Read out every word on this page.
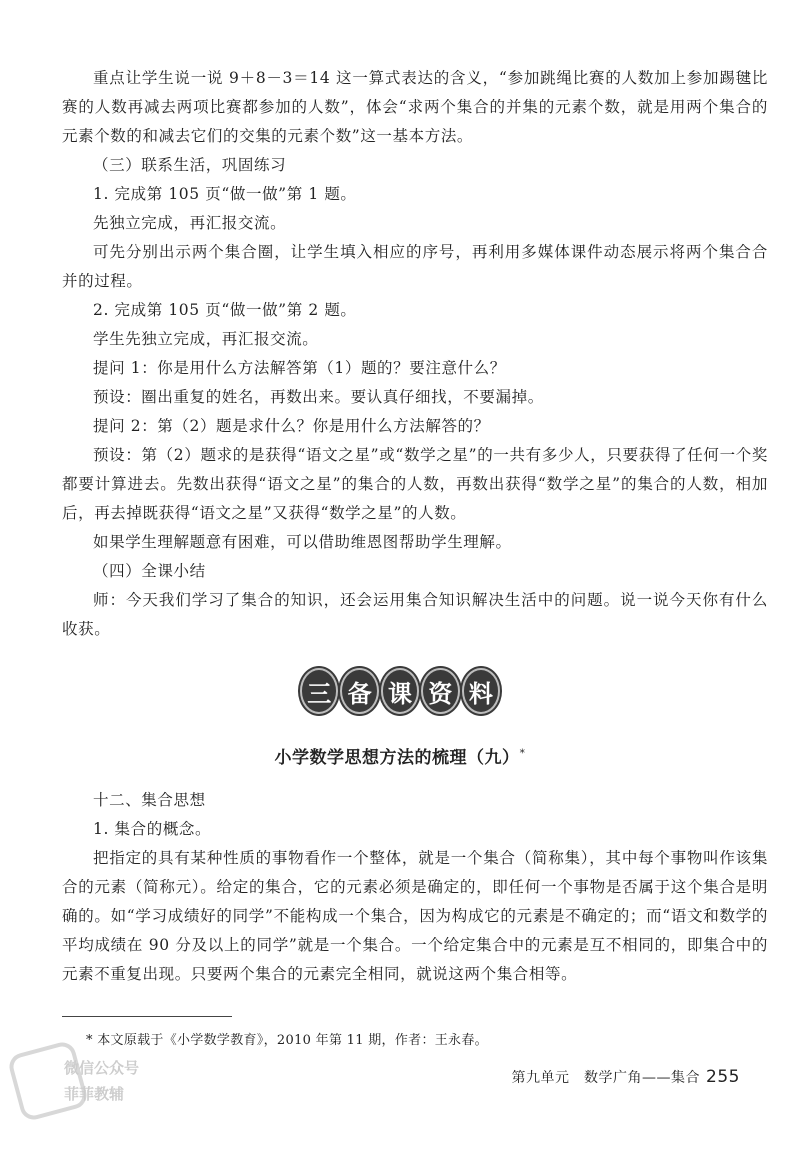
重点让学生说一说 9＋8－3＝14 这一算式表达的含义，“参加跳绳比赛的人数加上参加踢毽比赛的人数再减去两项比赛都参加的人数”，体会“求两个集合的并集的元素个数，就是用两个集合的元素个数的和减去它们的交集的元素个数”这一基本方法。

（三）联系生活，巩固练习

1. 完成第 105 页“做一做”第 1 题。

先独立完成，再汇报交流。

可先分别出示两个集合圈，让学生填入相应的序号，再利用多媒体课件动态展示将两个集合合并的过程。

2. 完成第 105 页“做一做”第 2 题。

学生先独立完成，再汇报交流。

提问 1：你是用什么方法解答第（1）题的？要注意什么？

预设：圈出重复的姓名，再数出来。要认真仔细找，不要漏掉。

提问 2：第（2）题是求什么？你是用什么方法解答的？

预设：第（2）题求的是获得“语文之星”或“数学之星”的一共有多少人，只要获得了任何一个奖都要计算进去。先数出获得“语文之星”的集合的人数，再数出获得“数学之星”的集合的人数，相加后，再去掉既获得“语文之星”又获得“数学之星”的人数。

如果学生理解题意有困难，可以借助维恩图帮助学生理解。

（四）全课小结

师：今天我们学习了集合的知识，还会运用集合知识解决生活中的问题。说一说今天你有什么收获。

三 备 课 资 料
小学数学思想方法的梳理（九）*

十二、集合思想

1. 集合的概念。

把指定的具有某种性质的事物看作一个整体，就是一个集合（简称集），其中每个事物叫作该集合的元素（简称元）。给定的集合，它的元素必须是确定的，即任何一个事物是否属于这个集合是明确的。如“学习成绩好的同学”不能构成一个集合，因为构成它的元素是不确定的；而“语文和数学的平均成绩在 90 分及以上的同学”就是一个集合。一个给定集合中的元素是互不相同的，即集合中的元素不重复出现。只要两个集合的元素完全相同，就说这两个集合相等。

* 本文原载于《小学数学教育》，2010 年第 11 期，作者：王永春。
第九单元　数学广角——集合 255
微信公众号
菲菲教辅
